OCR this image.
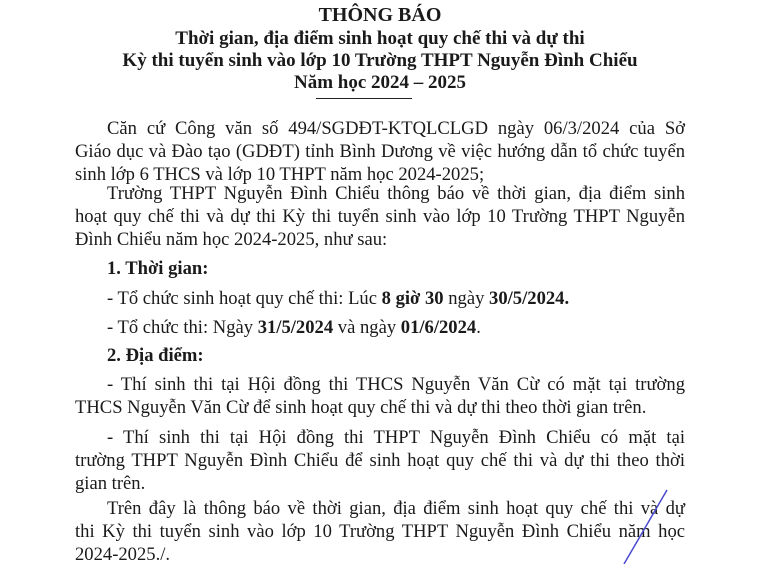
THÔNG BÁO
Thời gian, địa điểm sinh hoạt quy chế thi và dự thi
Kỳ thi tuyển sinh vào lớp 10 Trường THPT Nguyễn Đình Chiểu
Năm học 2024 – 2025
Căn cứ Công văn số 494/SGDĐT-KTQLCLGD ngày 06/3/2024 của Sở
Giáo dục và Đào tạo (GDĐT) tỉnh Bình Dương về việc hướng dẫn tổ chức tuyển
sinh lớp 6 THCS và lớp 10 THPT năm học 2024-2025;
Trường THPT Nguyễn Đình Chiểu thông báo về thời gian, địa điểm sinh
hoạt quy chế thi và dự thi Kỳ thi tuyển sinh vào lớp 10 Trường THPT Nguyễn
Đình Chiểu năm học 2024-2025, như sau:
1. Thời gian:
- Tổ chức sinh hoạt quy chế thi: Lúc 8 giờ 30 ngày 30/5/2024.
- Tổ chức thi: Ngày 31/5/2024 và ngày 01/6/2024.
2. Địa điểm:
- Thí sinh thi tại Hội đồng thi THCS Nguyễn Văn Cừ có mặt tại trường
THCS Nguyễn Văn Cừ để sinh hoạt quy chế thi và dự thi theo thời gian trên.
- Thí sinh thi tại Hội đồng thi THPT Nguyễn Đình Chiểu có mặt tại
trường THPT Nguyễn Đình Chiểu để sinh hoạt quy chế thi và dự thi theo thời
gian trên.
Trên đây là thông báo về thời gian, địa điểm sinh hoạt quy chế thi và dự
thi Kỳ thi tuyển sinh vào lớp 10 Trường THPT Nguyễn Đình Chiểu năm học
2024-2025./.
